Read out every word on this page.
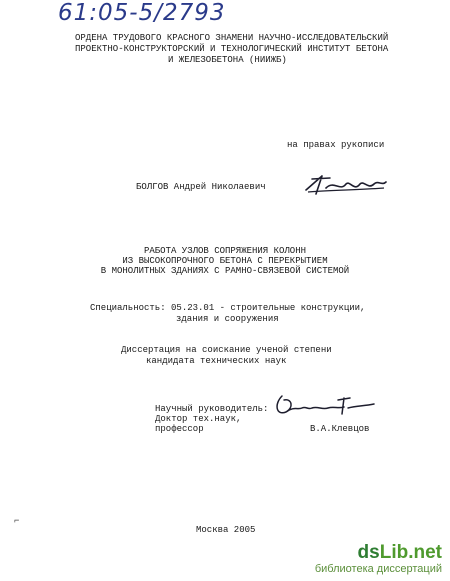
61:05-5/2793
ОРДЕНА ТРУДОВОГО КРАСНОГО ЗНАМЕНИ НАУЧНО-ИССЛЕДОВАТЕЛЬСКИЙ
ПРОЕКТНО-КОНСТРУКТОРСКИЙ И ТЕХНОЛОГИЧЕСКИЙ ИНСТИТУТ БЕТОНА
И ЖЕЛЕЗОБЕТОНА (НИИЖБ)
на правах рукописи
БОЛГОВ Андрей Николаевич
РАБОТА УЗЛОВ СОПРЯЖЕНИЯ КОЛОНН
ИЗ ВЫСОКОПРОЧНОГО БЕТОНА С ПЕРЕКРЫТИЕМ
В МОНОЛИТНЫХ ЗДАНИЯХ С РАМНО-СВЯЗЕВОЙ СИСТЕМОЙ
Специальность: 05.23.01 - строительные конструкции,
здания и сооружения
Диссертация на соискание ученой степени
кандидата технических наук
Научный руководитель:
Доктор тех.наук,
профессор	В.А.Клевцов
⌐
Москва 2005
dsLib.net
библиотека диссертаций
